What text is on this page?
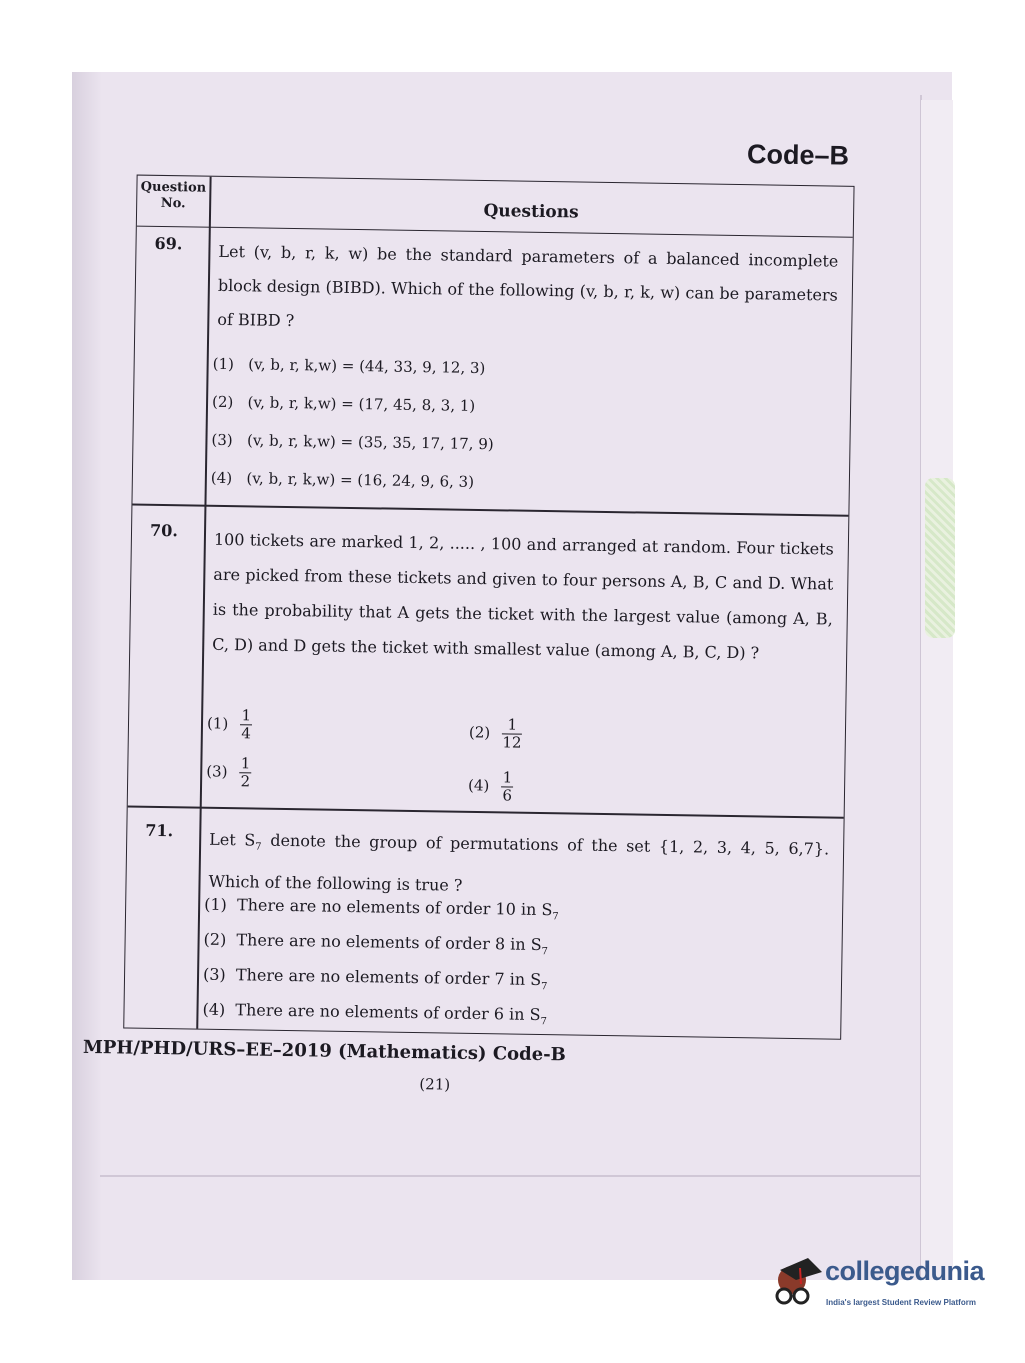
Code–B
Question No.	Questions
69. Let (v, b, r, k, w) be the standard parameters of a balanced incomplete block design (BIBD). Which of the following (v, b, r, k, w) can be parameters of BIBD ?
(1) (v, b, r, k,w) = (44, 33, 9, 12, 3)
(2) (v, b, r, k,w) = (17, 45, 8, 3, 1)
(3) (v, b, r, k,w) = (35, 35, 17, 17, 9)
(4) (v, b, r, k,w) = (16, 24, 9, 6, 3)
70. 100 tickets are marked 1, 2, ..... , 100 and arranged at random. Four tickets are picked from these tickets and given to four persons A, B, C and D. What is the probability that A gets the ticket with the largest value (among A, B, C, D) and D gets the ticket with smallest value (among A, B, C, D) ?
$(1) \frac{1}{4}$	$(2) \frac{1}{12}$
$(3) \frac{1}{2}$	$(4) \frac{1}{6}$
71. Let $S_7$ denote the group of permutations of the set {1, 2, 3, 4, 5, 6,7}. Which of the following is true ?
(1) There are no elements of order 10 in $S_7$
(2) There are no elements of order 8 in $S_7$
(3) There are no elements of order 7 in $S_7$
(4) There are no elements of order 6 in $S_7$
MPH/PHD/URS–EE–2019 (Mathematics) Code-B
(21)
collegedunia
India's largest Student Review Platform
